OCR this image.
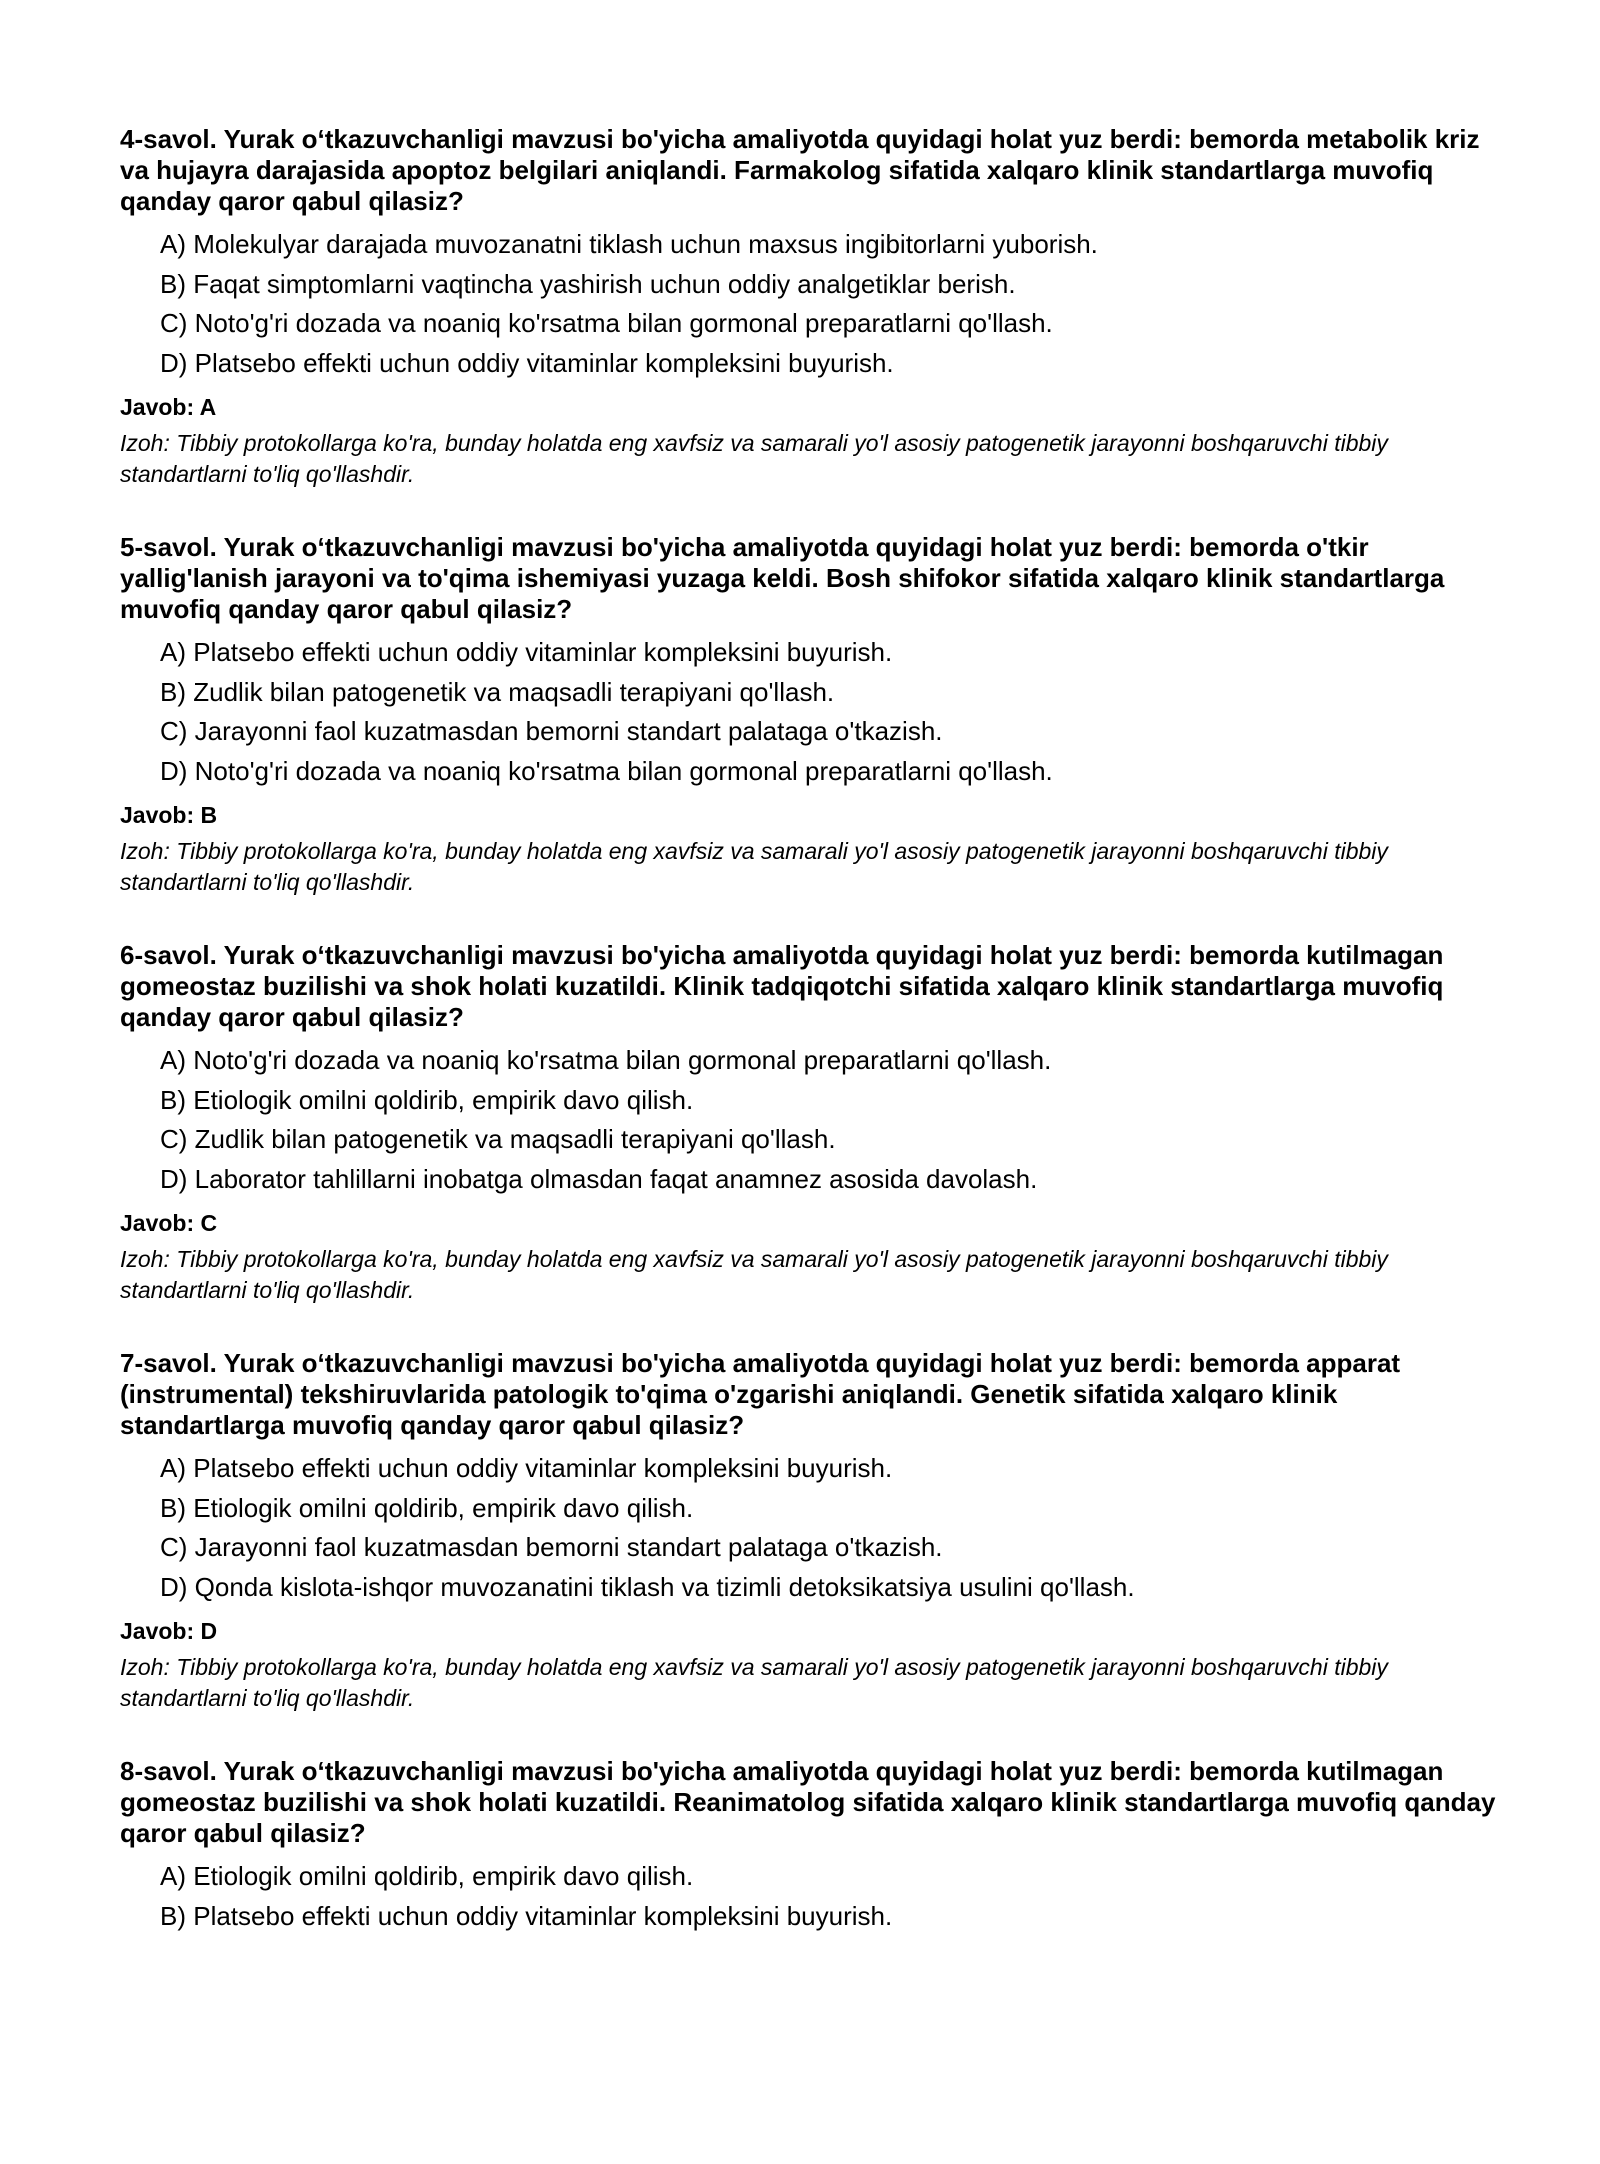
4-savol. Yurak o‘tkazuvchanligi mavzusi bo'yicha amaliyotda quyidagi holat yuz berdi: bemorda metabolik kriz va hujayra darajasida apoptoz belgilari aniqlandi. Farmakolog sifatida xalqaro klinik standartlarga muvofiq qanday qaror qabul qilasiz?
A) Molekulyar darajada muvozanatni tiklash uchun maxsus ingibitorlarni yuborish.
B) Faqat simptomlarni vaqtincha yashirish uchun oddiy analgetiklar berish.
C) Noto'g'ri dozada va noaniq ko'rsatma bilan gormonal preparatlarni qo'llash.
D) Platsebo effekti uchun oddiy vitaminlar kompleksini buyurish.
Javob: A
Izoh: Tibbiy protokollarga ko'ra, bunday holatda eng xavfsiz va samarali yo'l asosiy patogenetik jarayonni boshqaruvchi tibbiy standartlarni to'liq qo'llashdir.
5-savol. Yurak o‘tkazuvchanligi mavzusi bo'yicha amaliyotda quyidagi holat yuz berdi: bemorda o'tkir yallig'lanish jarayoni va to'qima ishemiyasi yuzaga keldi. Bosh shifokor sifatida xalqaro klinik standartlarga muvofiq qanday qaror qabul qilasiz?
A) Platsebo effekti uchun oddiy vitaminlar kompleksini buyurish.
B) Zudlik bilan patogenetik va maqsadli terapiyani qo'llash.
C) Jarayonni faol kuzatmasdan bemorni standart palataga o'tkazish.
D) Noto'g'ri dozada va noaniq ko'rsatma bilan gormonal preparatlarni qo'llash.
Javob: B
Izoh: Tibbiy protokollarga ko'ra, bunday holatda eng xavfsiz va samarali yo'l asosiy patogenetik jarayonni boshqaruvchi tibbiy standartlarni to'liq qo'llashdir.
6-savol. Yurak o‘tkazuvchanligi mavzusi bo'yicha amaliyotda quyidagi holat yuz berdi: bemorda kutilmagan gomeostaz buzilishi va shok holati kuzatildi. Klinik tadqiqotchi sifatida xalqaro klinik standartlarga muvofiq qanday qaror qabul qilasiz?
A) Noto'g'ri dozada va noaniq ko'rsatma bilan gormonal preparatlarni qo'llash.
B) Etiologik omilni qoldirib, empirik davo qilish.
C) Zudlik bilan patogenetik va maqsadli terapiyani qo'llash.
D) Laborator tahlillarni inobatga olmasdan faqat anamnez asosida davolash.
Javob: C
Izoh: Tibbiy protokollarga ko'ra, bunday holatda eng xavfsiz va samarali yo'l asosiy patogenetik jarayonni boshqaruvchi tibbiy standartlarni to'liq qo'llashdir.
7-savol. Yurak o‘tkazuvchanligi mavzusi bo'yicha amaliyotda quyidagi holat yuz berdi: bemorda apparat (instrumental) tekshiruvlarida patologik to'qima o'zgarishi aniqlandi. Genetik sifatida xalqaro klinik standartlarga muvofiq qanday qaror qabul qilasiz?
A) Platsebo effekti uchun oddiy vitaminlar kompleksini buyurish.
B) Etiologik omilni qoldirib, empirik davo qilish.
C) Jarayonni faol kuzatmasdan bemorni standart palataga o'tkazish.
D) Qonda kislota-ishqor muvozanatini tiklash va tizimli detoksikatsiya usulini qo'llash.
Javob: D
Izoh: Tibbiy protokollarga ko'ra, bunday holatda eng xavfsiz va samarali yo'l asosiy patogenetik jarayonni boshqaruvchi tibbiy standartlarni to'liq qo'llashdir.
8-savol. Yurak o‘tkazuvchanligi mavzusi bo'yicha amaliyotda quyidagi holat yuz berdi: bemorda kutilmagan gomeostaz buzilishi va shok holati kuzatildi. Reanimatolog sifatida xalqaro klinik standartlarga muvofiq qanday qaror qabul qilasiz?
A) Etiologik omilni qoldirib, empirik davo qilish.
B) Platsebo effekti uchun oddiy vitaminlar kompleksini buyurish.
